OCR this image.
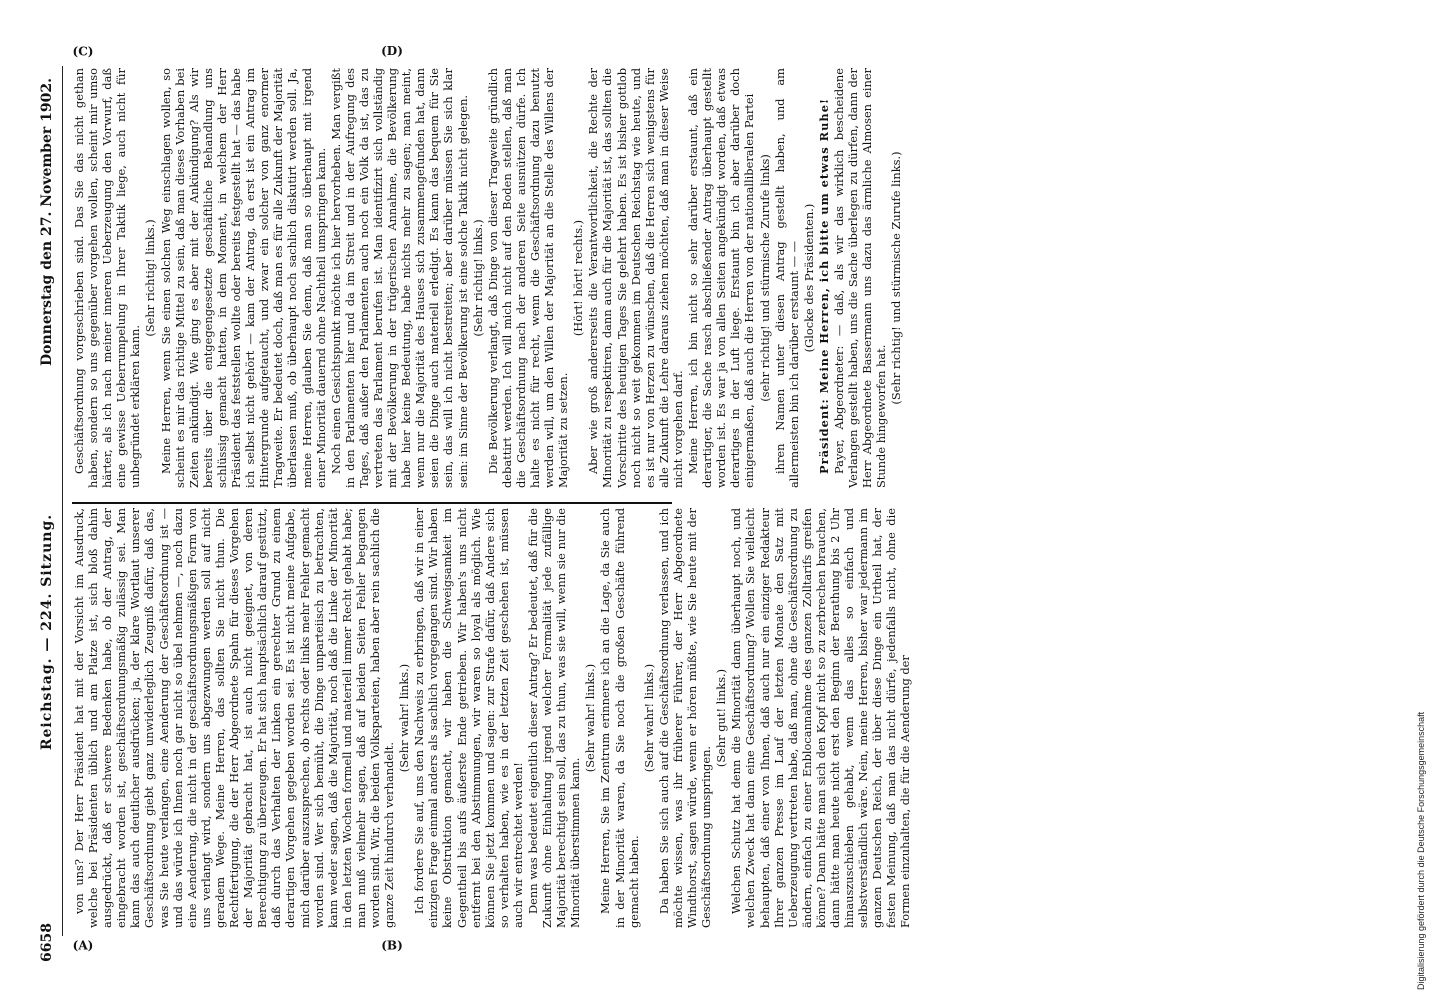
6658
Reichstag. — 224. Sitzung.
Donnerstag den 27. November 1902.
(A)	(B)
(C)	(D)

von uns? Der Herr Präsident hat mit der Vorsicht im Ausdruck, welche bei Präsidenten üblich und am Platze ist, sich bloß dahin ausgedrückt, daß er schwere Bedenken habe, ob der Antrag, der eingebracht worden ist, geschäftsordnungsmäßig zulässig sei. Man kann das auch deutlicher ausdrücken; ja, der klare Wortlaut unserer Geschäftsordnung giebt ganz unwiderleglich Zeugniß dafür, daß das, was Sie heute verlangen, eine Aenderung der Geschäftsordnung ist — und das würde ich Ihnen noch gar nicht so übel nehmen —, noch dazu eine Aenderung, die nicht in der geschäftsordnungsmäßigen Form von uns verlangt wird, sondern uns abgezwungen werden soll auf nicht geradem Wege. Meine Herren, das sollten Sie nicht thun. Die Rechtfertigung, die der Herr Abgeordnete Spahn für dieses Vorgehen der Majorität gebracht hat, ist auch nicht geeignet, von deren Berechtigung zu überzeugen. Er hat sich hauptsächlich darauf gestützt, daß durch das Verhalten der Linken ein gerechter Grund zu einem derartigen Vorgehen gegeben worden sei. Es ist nicht meine Aufgabe, mich darüber auszusprechen, ob rechts oder links mehr Fehler gemacht worden sind. Wer sich bemüht, die Dinge unparteiisch zu betrachten, kann weder sagen, daß die Majorität, noch daß die Linke der Minorität in den letzten Wochen formell und materiell immer Recht gehabt habe; man muß vielmehr sagen, daß auf beiden Seiten Fehler begangen worden sind. Wir, die beiden Volksparteien, haben aber rein sachlich die ganze Zeit hindurch verhandelt.

(Sehr wahr! links.) Ich fordere Sie auf, uns den Nachweis zu erbringen, daß wir in einer einzigen Frage einmal anders als sachlich vorgegangen sind. Wir haben keine Obstruktion gemacht, wir haben die Schweigsamkeit im Gegentheil bis aufs äußerste Ende getrieben. Wir haben's uns nicht entfernt bei den Abstimmungen, wir waren so loyal als möglich. Wie können Sie jetzt kommen und sagen: zur Strafe dafür, daß Andere sich so verhalten haben, wie es in der letzten Zeit geschehen ist, müssen auch wir entrechtet werden! Denn was bedeutet eigentlich dieser Antrag? Er bedeutet, daß für die Zukunft ohne Einhaltung irgend welcher Formalität jede zufällige Majorität berechtigt sein soll, das zu thun, was sie will, wenn sie nur die Minorität überstimmen kann.

(Sehr wahr! links.) Meine Herren, Sie im Zentrum erinnere ich an die Lage, da Sie auch in der Minorität waren, da Sie noch die großen Geschäfte führend gemacht haben.

(Sehr wahr! links.) Da haben Sie sich auch auf die Geschäftsordnung verlassen, und ich möchte wissen, was ihr früherer Führer, der Herr Abgeordnete Windthorst, sagen würde, wenn er hören müßte, wie Sie heute mit der Geschäftsordnung umspringen.

(Sehr gut! links.) Welchen Schutz hat denn die Minorität dann überhaupt noch, und welchen Zweck hat dann eine Geschäftsordnung? Wollen Sie vielleicht behaupten, daß einer von Ihnen, daß auch nur ein einziger Redakteur Ihrer ganzen Presse im Lauf der letzten Monate den Satz mit Ueberzeugung vertreten habe, daß man, ohne die Geschäftsordnung zu ändern, einfach zu einer Enblocannahme des ganzen Zolltarifs greifen könne? Dann hätte man sich den Kopf nicht so zu zerbrechen brauchen, dann hätte man heute nicht erst den Beginn der Berathung bis 2 Uhr hinauszuschieben gehabt, wenn das alles so einfach und selbstverständlich wäre. Nein, meine Herren, bisher war jedermann im ganzen Deutschen Reich, der über diese Dinge ein Urtheil hat, der festen Meinung, daß man das nicht dürfe, jedenfalls nicht, ohne die Formen einzuhalten, die für die Aenderung der

Geschäftsordnung vorgeschrieben sind. Das Sie das nicht gethan haben, sondern so uns gegenüber vorgehen wollen, scheint mir umso härter, als ich nach meiner inneren Ueberzeugung den Vorwurf, daß eine gewisse Ueberrumpelung in Ihrer Taktik liege, auch nicht für unbegründet erklären kann.

(Sehr richtig! links.) Meine Herren, wenn Sie einen solchen Weg einschlagen wollen, so scheint es mir das richtige Mittel zu sein, daß man dieses Vorhaben bei Zeiten ankündigt. Wie ging es aber mit der Ankündigung? Als wir bereits über die entgegengesetzte geschäftliche Behandlung uns schlüssig gemacht hatten, in dem Moment, in welchem der Herr Präsident das feststellen wollte oder bereits festgestellt hat — das habe ich selbst nicht gehört — kam der Antrag, da erst ist ein Antrag im Hintergrunde aufgetaucht, und zwar ein solcher von ganz enormer Tragweite. Er bedeutet doch, daß man es für alle Zukunft der Majorität überlassen muß, ob überhaupt noch sachlich diskutirt werden soll. Ja, meine Herren, glauben Sie denn, daß man so überhaupt mit irgend einer Minorität dauernd ohne Nachtheil umspringen kann. Noch einen Gesichtspunkt möchte ich hier hervorheben. Man vergißt in den Parlamenten hier und da im Streit und in der Aufregung des Tages, daß außer den Parlamenten auch noch ein Volk da ist, das zu vertreten das Parlament berufen ist. Man identifizirt sich vollständig mit der Bevölkerung in der trügerischen Annahme, die Bevölkerung habe hier keine Bedeutung, habe nichts mehr zu sagen; man meint, wenn nur die Majorität des Hauses sich zusammengefunden hat, dann seien die Dinge auch materiell erledigt. Es kann das bequem für Sie sein, das will ich nicht bestreiten; aber darüber müssen Sie sich klar sein: im Sinne der Bevölkerung ist eine solche Taktik nicht gelegen. (Sehr richtig! links.) Die Bevölkerung verlangt, daß Dinge von dieser Tragweite gründlich debattirt werden. Ich will mich nicht auf den Boden stellen, daß man die Geschäftsordnung nach der anderen Seite ausnützen dürfe. Ich halte es nicht für recht, wenn die Geschäftsordnung dazu benutzt werden will, um den Willen der Majorität an die Stelle des Willens der Majorität zu setzen.

(Hört! hört! rechts.) Aber wie groß andererseits die Verantwortlichkeit, die Rechte der Minorität zu respektiren, dann auch für die Majorität ist, das sollten die Vorschritte des heutigen Tages Sie gelehrt haben. Es ist bisher gottlob noch nicht so weit gekommen im Deutschen Reichstag wie heute, und es ist nur von Herzen zu wünschen, daß die Herren sich wenigstens für alle Zukunft die Lehre daraus ziehen möchten, daß man in dieser Weise nicht vorgehen darf. Meine Herren, ich bin nicht so sehr darüber erstaunt, daß ein derartiger, die Sache rasch abschließender Antrag überhaupt gestellt worden ist. Es war ja von allen Seiten angekündigt worden, daß etwas derartiges in der Luft liege. Erstaunt bin ich aber darüber doch einigermaßen, daß auch die Herren von der nationalliberalen Partei (sehr richtig! und stürmische Zurufe links) ihren Namen unter diesen Antrag gestellt haben, und am allermeisten bin ich darüber erstaunt — — (Glocke des Präsidenten.) Präsident: Meine Herren, ich bitte um etwas Ruhe! Payer, Abgeordneter: — daß, als wir das wirklich bescheidene Verlangen gestellt haben, uns die Sache überlegen zu dürfen, dann der Herr Abgeordnete Bassermann uns dazu das ärmliche Almosen einer Stunde hingeworfen hat.

(Sehr richtig! und stürmische Zurufe links.)

Digitalisierung gefördert durch die Deutsche Forschungsgemeinschaft
